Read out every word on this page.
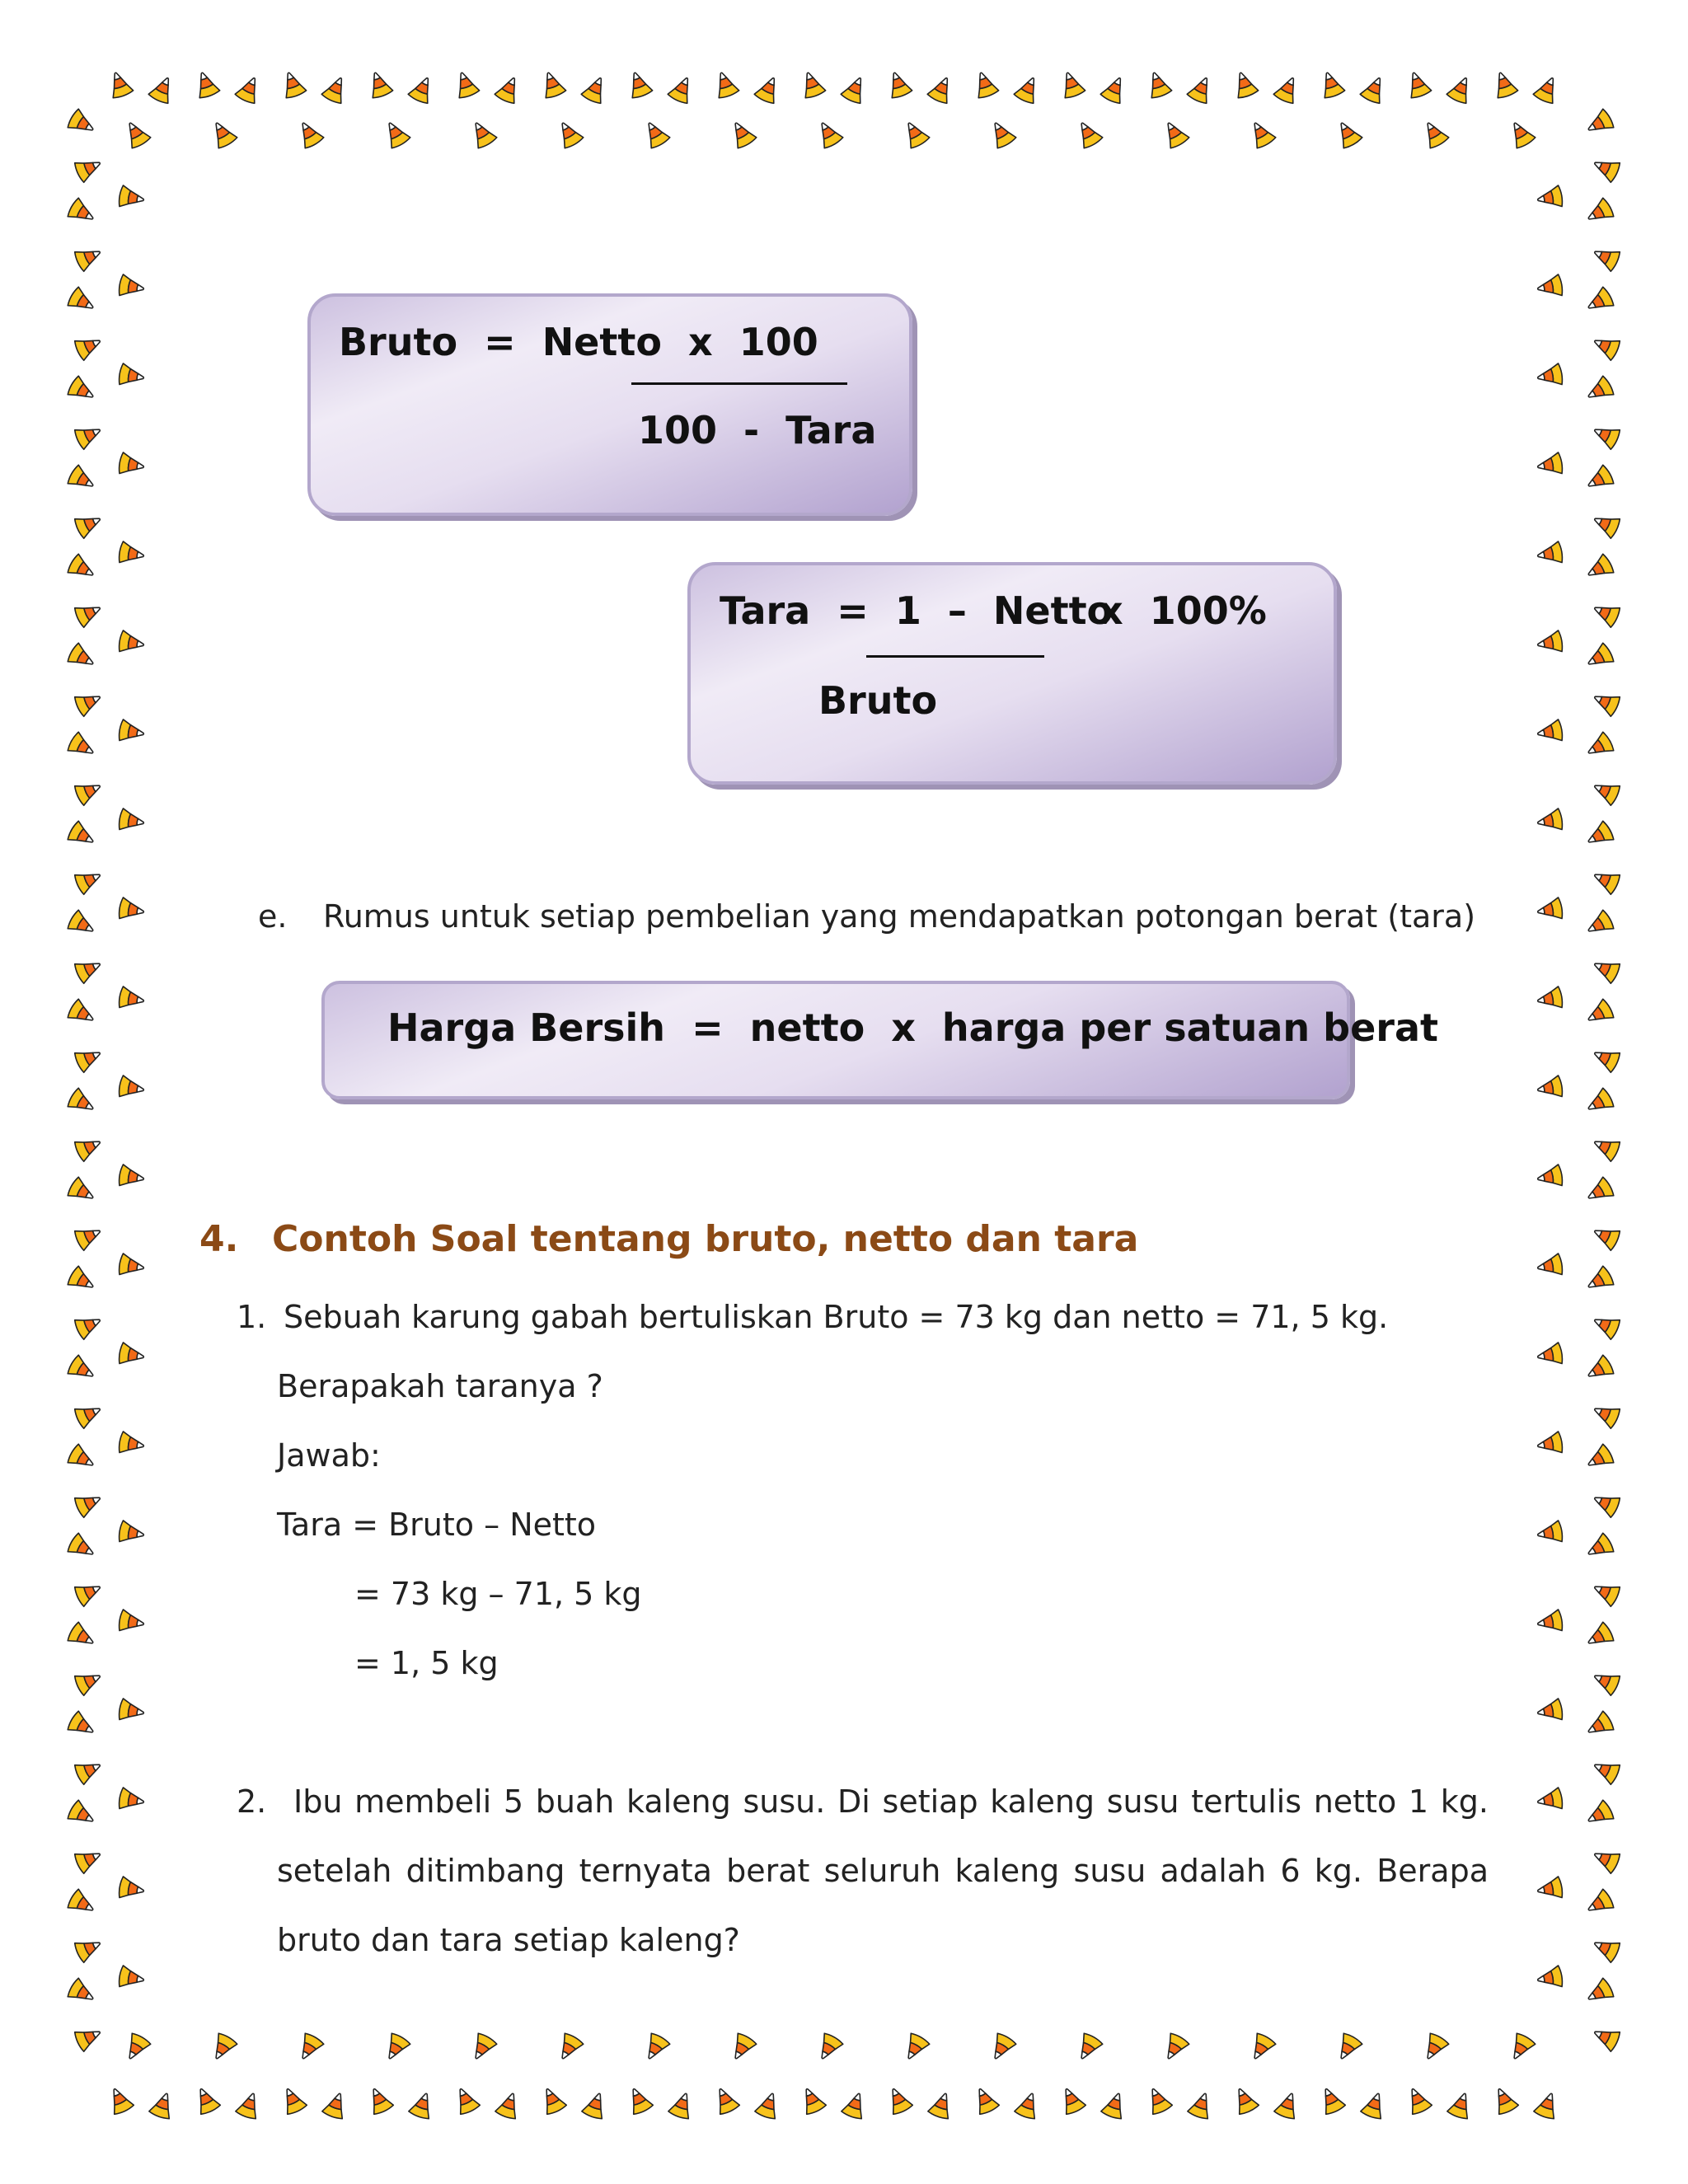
Bruto  =  Netto  x  100
100  -  Tara
Tara  =  1  –  Netto
x  100%
Bruto
e. Rumus untuk setiap pembelian yang mendapatkan potongan berat (tara)
Harga Bersih  =  netto  x  harga per satuan berat
4. Contoh Soal tentang bruto, netto dan tara
1. Sebuah karung gabah bertuliskan Bruto = 73 kg dan netto = 71, 5 kg.
Berapakah taranya ?
Jawab:
Tara = Bruto – Netto
= 73 kg – 71, 5 kg
= 1, 5 kg
2. Ibu membeli 5 buah kaleng susu. Di setiap kaleng susu tertulis netto 1 kg.
setelah ditimbang ternyata berat seluruh kaleng susu adalah 6 kg. Berapa
bruto dan tara setiap kaleng?
